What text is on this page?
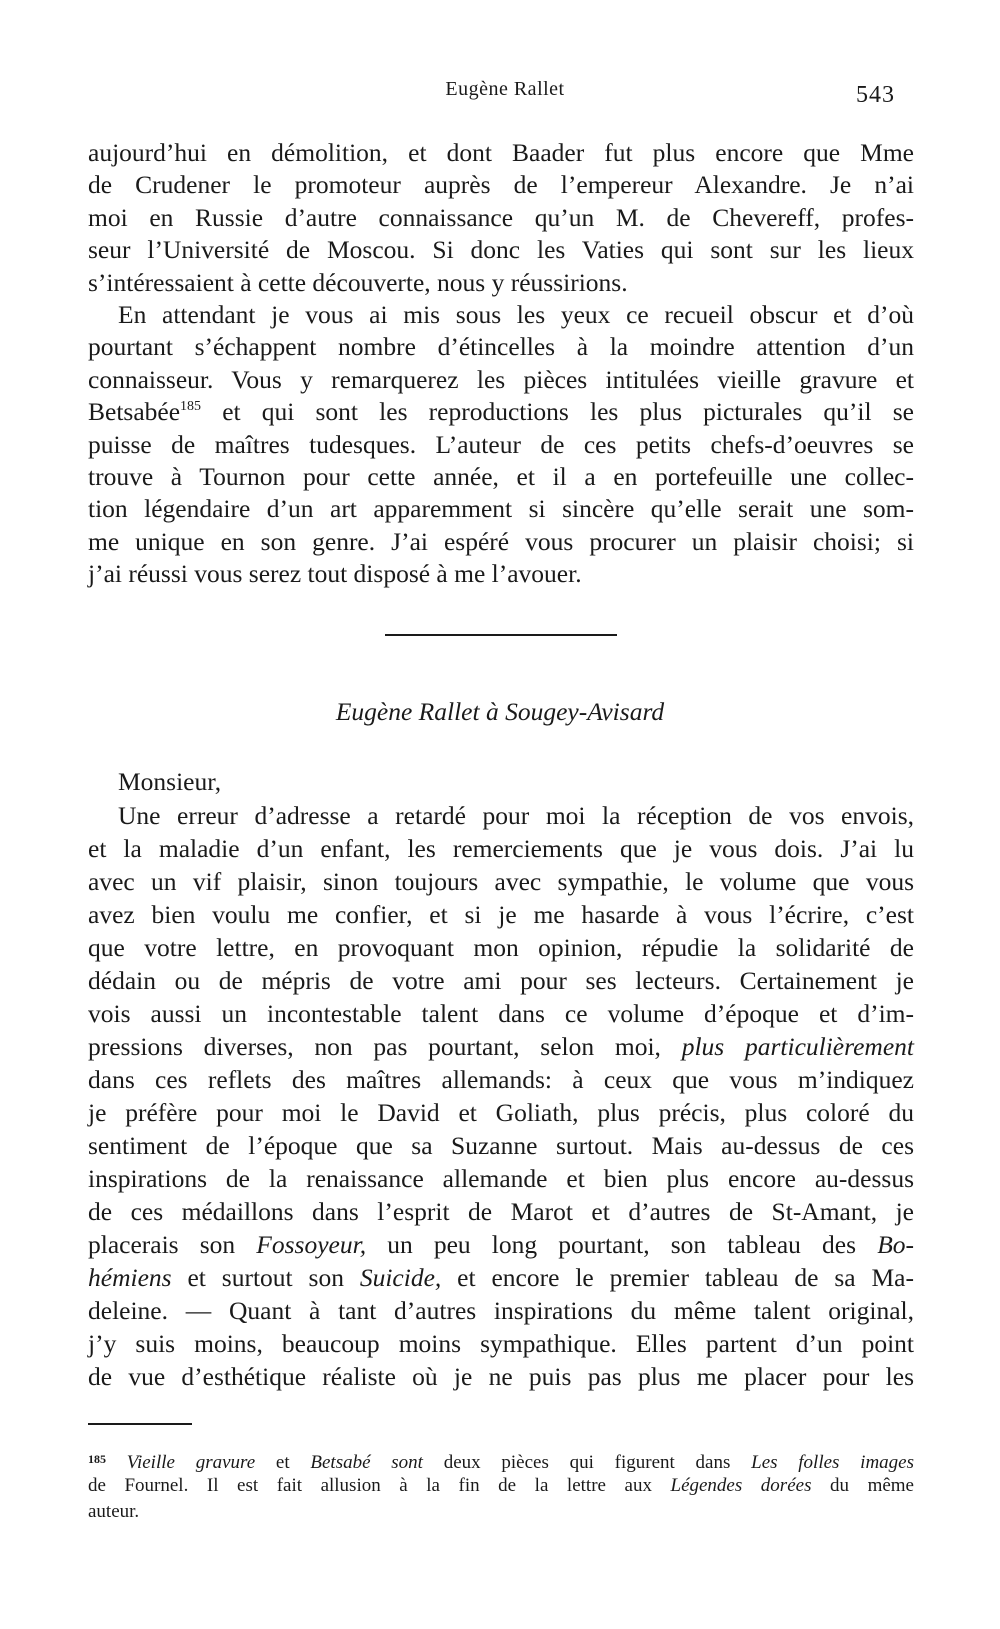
Eugène Rallet	543
aujourd’hui en démolition, et dont Baader fut plus encore que Mme
de Crudener le promoteur auprès de l’empereur Alexandre. Je n’ai
moi en Russie d’autre connaissance qu’un M. de Chevereff, profes-
seur l’Université de Moscou. Si donc les Vaties qui sont sur les lieux
s’intéressaient à cette découverte, nous y réussirions.
En attendant je vous ai mis sous les yeux ce recueil obscur et d’où
pourtant s’échappent nombre d’étincelles à la moindre attention d’un
connaisseur. Vous y remarquerez les pièces intitulées vieille gravure et
Betsabée$^{185}$ et qui sont les reproductions les plus picturales qu’il se
puisse de maîtres tudesques. L’auteur de ces petits chefs-d’oeuvres se
trouve à Tournon pour cette année, et il a en portefeuille une collec-
tion légendaire d’un art apparemment si sincère qu’elle serait une som-
me unique en son genre. J’ai espéré vous procurer un plaisir choisi; si
j’ai réussi vous serez tout disposé à me l’avouer.
Eugène Rallet à Sougey-Avisard
Monsieur,
Une erreur d’adresse a retardé pour moi la réception de vos envois,
et la maladie d’un enfant, les remerciements que je vous dois. J’ai lu
avec un vif plaisir, sinon toujours avec sympathie, le volume que vous
avez bien voulu me confier, et si je me hasarde à vous l’écrire, c’est
que votre lettre, en provoquant mon opinion, répudie la solidarité de
dédain ou de mépris de votre ami pour ses lecteurs. Certainement je
vois aussi un incontestable talent dans ce volume d’époque et d’im-
pressions diverses, non pas pourtant, selon moi, plus particulièrement
dans ces reflets des maîtres allemands: à ceux que vous m’indiquez
je préfère pour moi le David et Goliath, plus précis, plus coloré du
sentiment de l’époque que sa Suzanne surtout. Mais au-dessus de ces
inspirations de la renaissance allemande et bien plus encore au-dessus
de ces médaillons dans l’esprit de Marot et d’autres de St-Amant, je
placerais son Fossoyeur, un peu long pourtant, son tableau des Bo-
hémiens et surtout son Suicide, et encore le premier tableau de sa Ma-
deleine. — Quant à tant d’autres inspirations du même talent original,
j’y suis moins, beaucoup moins sympathique. Elles partent d’un point
de vue d’esthétique réaliste où je ne puis pas plus me placer pour les
$^{185}$ Vieille gravure et Betsabé sont deux pièces qui figurent dans Les folles images
de Fournel. Il est fait allusion à la fin de la lettre aux Légendes dorées du même
auteur.
